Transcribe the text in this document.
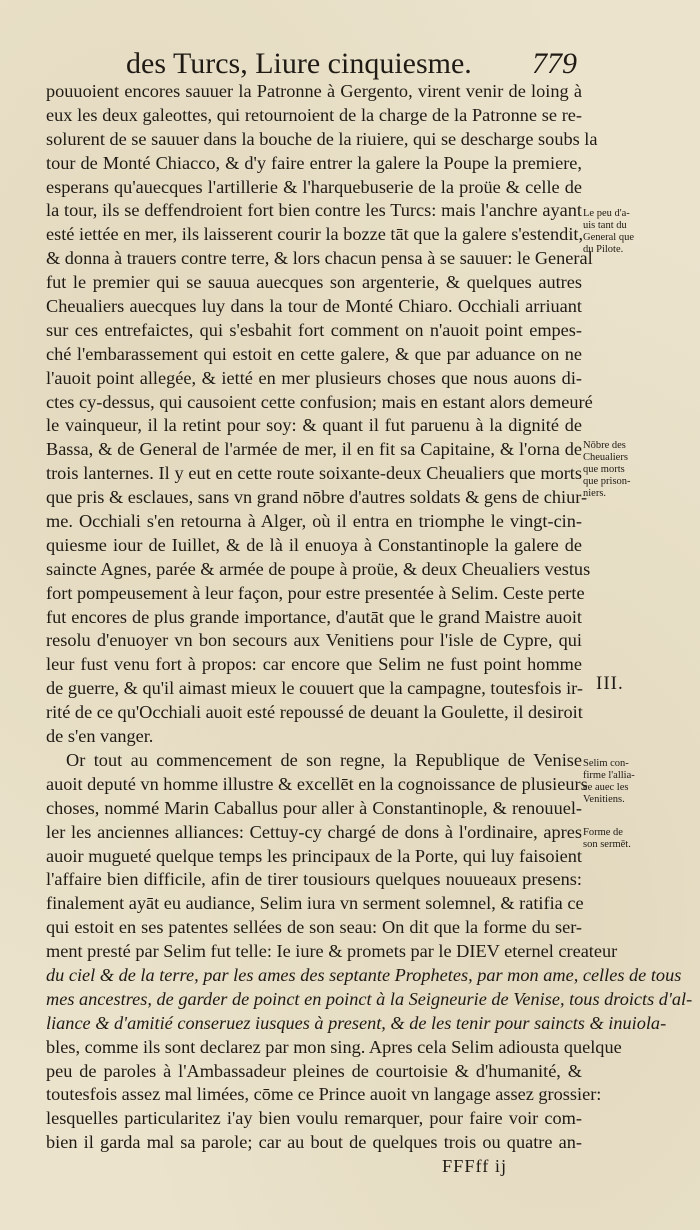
des Turcs, Liure cinquiesme. 779
pouuoient encores sauuer la Patronne à Gergento, virent venir de loing à
eux les deux galeottes, qui retournoient de la charge de la Patronne se re-
solurent de se sauuer dans la bouche de la riuiere, qui se descharge soubs la
tour de Monté Chiacco, & d'y faire entrer la galere la Poupe la premiere,
esperans qu'auecques l'artillerie & l'harquebuserie de la proüe & celle de
la tour, ils se deffendroient fort bien contre les Turcs: mais l'anchre ayant
esté iettée en mer, ils laisserent courir la bozze tāt que la galere s'estendit,
& donna à trauers contre terre, & lors chacun pensa à se sauuer: le General
fut le premier qui se sauua auecques son argenterie, & quelques autres
Cheualiers auecques luy dans la tour de Monté Chiaro. Occhiali arriuant
sur ces entrefaictes, qui s'esbahit fort comment on n'auoit point empes-
ché l'embarassement qui estoit en cette galere, & que par aduance on ne
l'auoit point allegée, & ietté en mer plusieurs choses que nous auons di-
ctes cy-dessus, qui causoient cette confusion; mais en estant alors demeuré
le vainqueur, il la retint pour soy: & quant il fut paruenu à la dignité de
Bassa, & de General de l'armée de mer, il en fit sa Capitaine, & l'orna de
trois lanternes. Il y eut en cette route soixante-deux Cheualiers que morts
que pris & esclaues, sans vn grand nōbre d'autres soldats & gens de chiur-
me. Occhiali s'en retourna à Alger, où il entra en triomphe le vingt-cin-
quiesme iour de Iuillet, & de là il enuoya à Constantinople la galere de
saincte Agnes, parée & armée de poupe à proüe, & deux Cheualiers vestus
fort pompeusement à leur façon, pour estre presentée à Selim. Ceste perte
fut encores de plus grande importance, d'autāt que le grand Maistre auoit
resolu d'enuoyer vn bon secours aux Venitiens pour l'isle de Cypre, qui
leur fust venu fort à propos: car encore que Selim ne fust point homme
de guerre, & qu'il aimast mieux le couuert que la campagne, toutesfois ir-
rité de ce qu'Occhiali auoit esté repoussé de deuant la Goulette, il desiroit
de s'en vanger.
Or tout au commencement de son regne, la Republique de Venise
auoit deputé vn homme illustre & excellēt en la cognoissance de plusieurs
choses, nommé Marin Caballus pour aller à Constantinople, & renouuel-
ler les anciennes alliances: Cettuy-cy chargé de dons à l'ordinaire, apres
auoir mugueté quelque temps les principaux de la Porte, qui luy faisoient
l'affaire bien difficile, afin de tirer tousiours quelques nouueaux presens:
finalement ayāt eu audiance, Selim iura vn serment solemnel, & ratifia ce
qui estoit en ses patentes sellées de son seau: On dit que la forme du ser-
ment presté par Selim fut telle: Ie iure & promets par le DIEV eternel createur
du ciel & de la terre, par les ames des septante Prophetes, par mon ame, celles de tous
mes ancestres, de garder de poinct en poinct à la Seigneurie de Venise, tous droicts d'al-
liance & d'amitié conseruez iusques à present, & de les tenir pour saincts & inuiola-
bles, comme ils sont declarez par mon sing. Apres cela Selim adiousta quelque
peu de paroles à l'Ambassadeur pleines de courtoisie & d'humanité, &
toutesfois assez mal limées, cōme ce Prince auoit vn langage assez grossier:
lesquelles particularitez i'ay bien voulu remarquer, pour faire voir com-
bien il garda mal sa parole; car au bout de quelques trois ou quatre an-
FFFff ij
Le peu d'a-
uis tant du
General que
du Pilote.
Nōbre des
Cheualiers
que morts
que prison-
niers.
Selim con-
firme l'allia-
ce auec les
Venitiens.
Forme de
son sermēt.
III.
